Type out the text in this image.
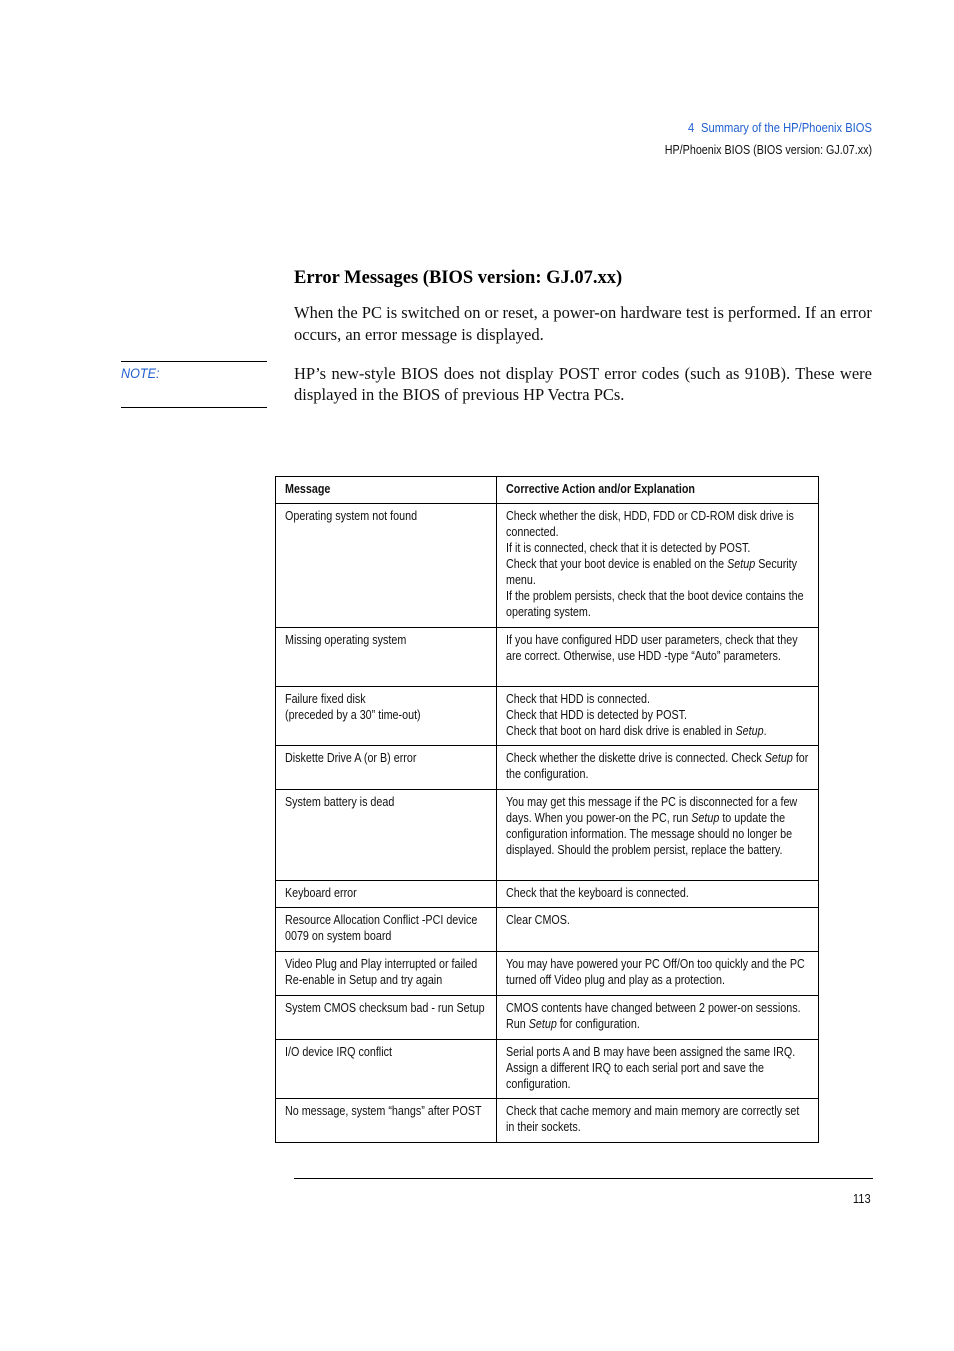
4 Summary of the HP/Phoenix BIOS
HP/Phoenix BIOS (BIOS version: GJ.07.xx)
Error Messages (BIOS version: GJ.07.xx)
When the PC is switched on or reset, a power-on hardware test is performed. If an error occurs, an error message is displayed.
NOTE:	HP’s new-style BIOS does not display POST error codes (such as 910B). These were displayed in the BIOS of previous HP Vectra PCs.
Message	Corrective Action and/or Explanation

Operating system not found	Check whether the disk, HDD, FDD or CD-ROM disk drive is connected.
If it is connected, check that it is detected by POST.
Check that your boot device is enabled on the Setup Security menu.
If the problem persists, check that the boot device contains the operating system.

Missing operating system	If you have configured HDD user parameters, check that they are correct. Otherwise, use HDD -type “Auto” parameters.

Failure fixed disk
(preceded by a 30” time-out)	Check that HDD is connected.
Check that HDD is detected by POST.
Check that boot on hard disk drive is enabled in Setup.

Diskette Drive A (or B) error	Check whether the diskette drive is connected. Check Setup for the configuration.

System battery is dead	You may get this message if the PC is disconnected for a few days. When you power-on the PC, run Setup to update the configuration information. The message should no longer be displayed. Should the problem persist, replace the battery.

Keyboard error	Check that the keyboard is connected.

Resource Allocation Conflict -PCI device 0079 on system board	Clear CMOS.

Video Plug and Play interrupted or failed Re-enable in Setup and try again	You may have powered your PC Off/On too quickly and the PC turned off Video plug and play as a protection.

System CMOS checksum bad - run Setup	CMOS contents have changed between 2 power-on sessions. Run Setup for configuration.

I/O device IRQ conflict	Serial ports A and B may have been assigned the same IRQ. Assign a different IRQ to each serial port and save the configuration.

No message, system “hangs” after POST	Check that cache memory and main memory are correctly set in their sockets.
113
